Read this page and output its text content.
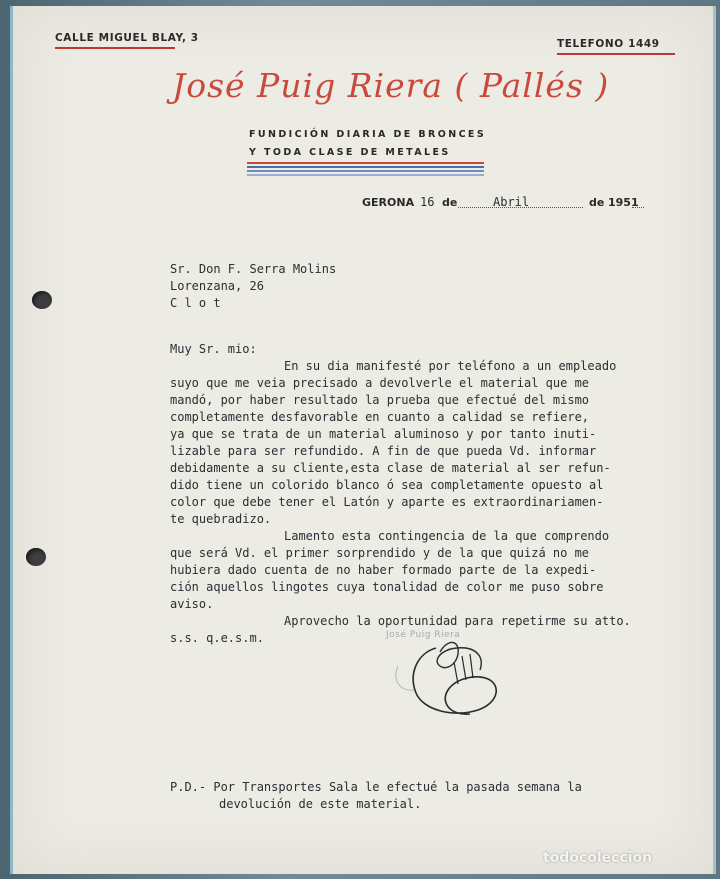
CALLE MIGUEL BLAY, 3	TELEFONO 1449
José Puig Riera ( Pallés )
FUNDICIÓN DIARIA DE BRONCES
Y TODA CLASE DE METALES
GERONA 16 de	Abril	de 1951
Sr. Don F. Serra Molins
Lorenzana, 26
C l o t
Muy Sr. mio:
En su dia manifesté por teléfono a un empleado
suyo que me veia precisado a devolverle el material que me
mandó, por haber resultado la prueba que efectué del mismo
completamente desfavorable en cuanto a calidad se refiere,
ya que se trata de un material aluminoso y por tanto inuti-
lizable para ser refundido. A fin de que pueda Vd. informar
debidamente a su cliente,esta clase de material al ser refun-
dido tiene un colorido blanco ó sea completamente opuesto al
color que debe tener el Latón y aparte es extraordinariamen-
te quebradizo.
Lamento esta contingencia de la que comprendo
que será Vd. el primer sorprendido y de la que quizá no me
hubiera dado cuenta de no haber formado parte de la expedi-
ción aquellos lingotes cuya tonalidad de color me puso sobre
aviso.
Aprovecho la oportunidad para repetirme su atto.
s.s. q.e.s.m.	José Puig Riera
P.D.- Por Transportes Sala le efectué la pasada semana la
devolución de este material.
todocoleccion
